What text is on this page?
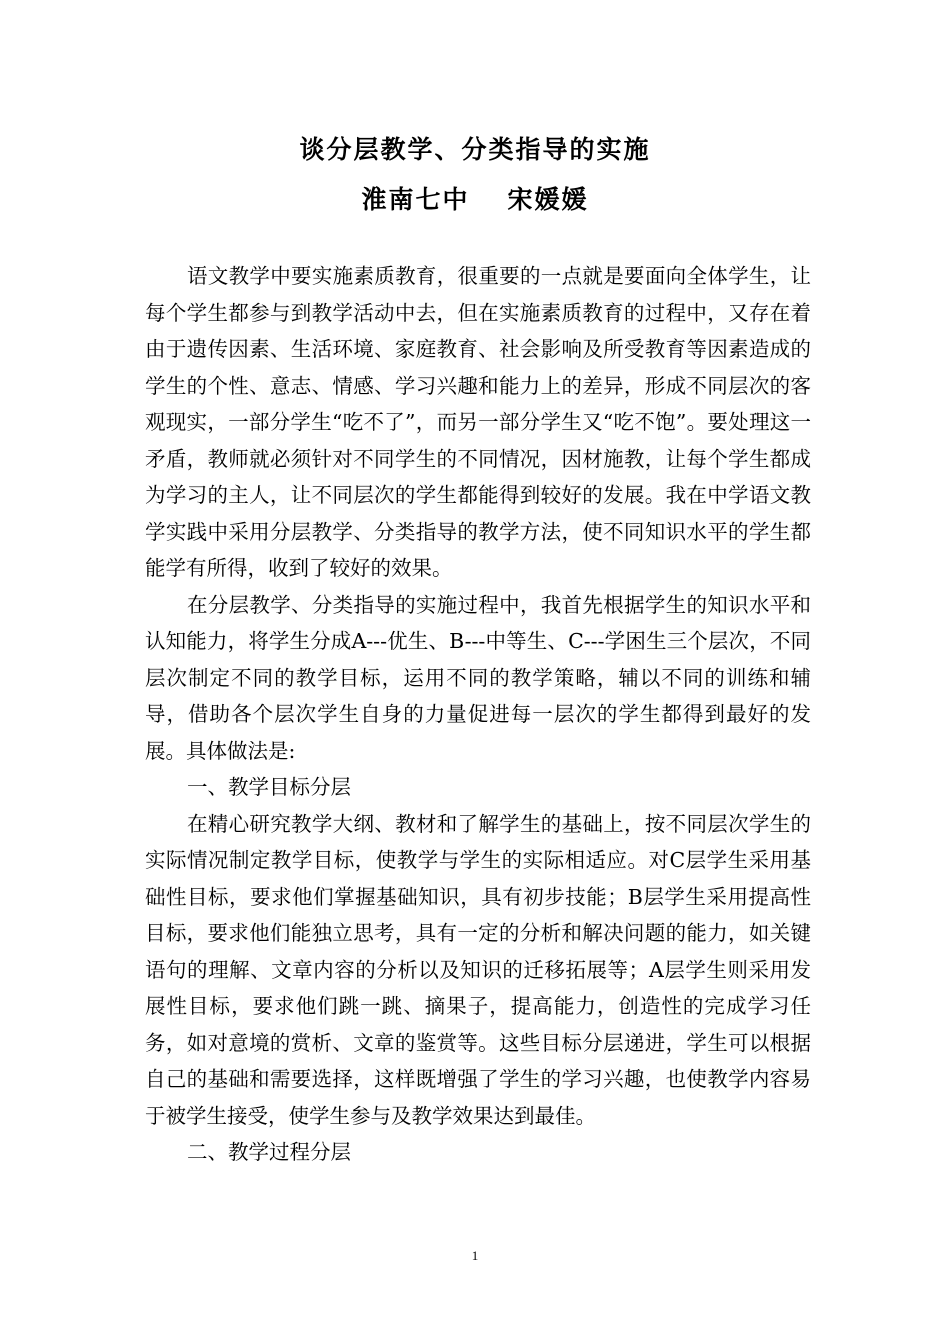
谈分层教学、分类指导的实施
淮南七中 宋媛媛

语文教学中要实施素质教育，很重要的一点就是要面向全体学生，让每个学生都参与到教学活动中去，但在实施素质教育的过程中，又存在着由于遗传因素、生活环境、家庭教育、社会影响及所受教育等因素造成的学生的个性、意志、情感、学习兴趣和能力上的差异，形成不同层次的客观现实，一部分学生“吃不了”，而另一部分学生又“吃不饱”。要处理这一矛盾，教师就必须针对不同学生的不同情况，因材施教，让每个学生都成为学习的主人，让不同层次的学生都能得到较好的发展。我在中学语文教学实践中采用分层教学、分类指导的教学方法，使不同知识水平的学生都能学有所得，收到了较好的效果。

在分层教学、分类指导的实施过程中，我首先根据学生的知识水平和认知能力，将学生分成A---优生、B---中等生、C---学困生三个层次，不同层次制定不同的教学目标，运用不同的教学策略，辅以不同的训练和辅导，借助各个层次学生自身的力量促进每一层次的学生都得到最好的发展。具体做法是:

一、教学目标分层

在精心研究教学大纲、教材和了解学生的基础上，按不同层次学生的实际情况制定教学目标，使教学与学生的实际相适应。对C层学生采用基础性目标，要求他们掌握基础知识，具有初步技能；B层学生采用提高性目标，要求他们能独立思考，具有一定的分析和解决问题的能力，如关键语句的理解、文章内容的分析以及知识的迁移拓展等；A层学生则采用发展性目标，要求他们跳一跳、摘果子，提高能力，创造性的完成学习任务，如对意境的赏析、文章的鉴赏等。这些目标分层递进，学生可以根据自己的基础和需要选择，这样既增强了学生的学习兴趣，也使教学内容易于被学生接受，使学生参与及教学效果达到最佳。

二、教学过程分层

1
